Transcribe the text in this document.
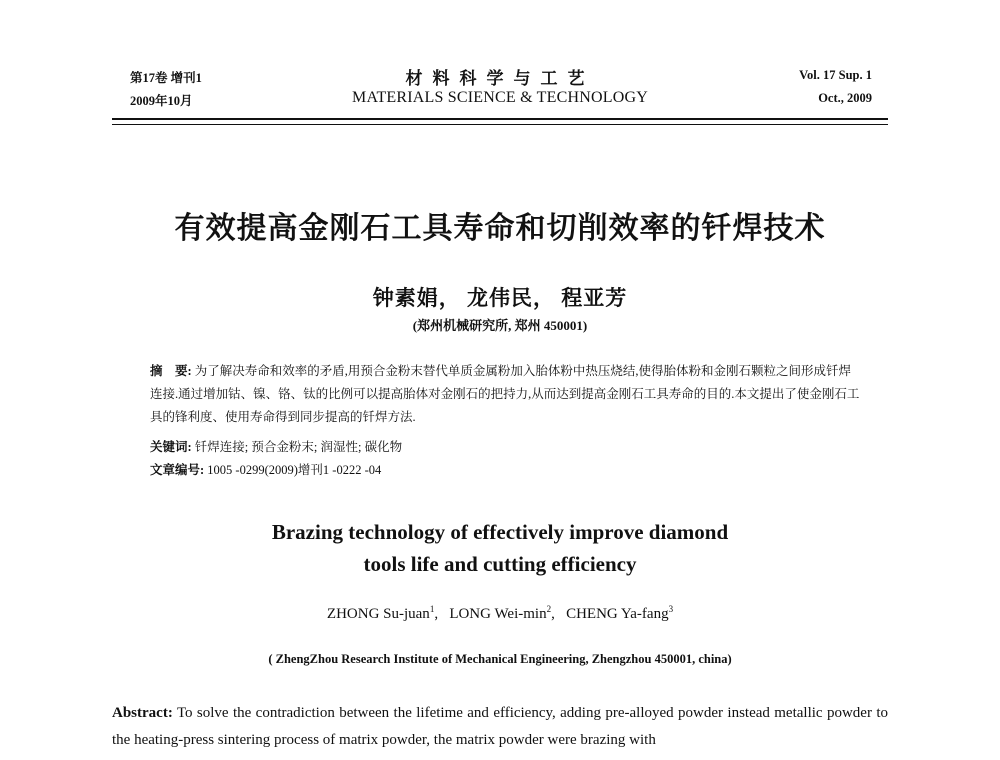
第17卷 增刊1
2009年10月
材料科学与工艺
MATERIALS SCIENCE & TECHNOLOGY
Vol. 17 Sup. 1
Oct., 2009
有效提高金刚石工具寿命和切削效率的钎焊技术
钟素娟， 龙伟民， 程亚芳
(郑州机械研究所, 郑州 450001)
摘　要: 为了解决寿命和效率的矛盾,用预合金粉末替代单质金属粉加入胎体粉中热压烧结,使得胎体粉和金刚石颗粒之间形成钎焊连接.通过增加钴、镍、铬、钛的比例可以提高胎体对金刚石的把持力,从而达到提高金刚石工具寿命的目的.本文提出了使金刚石工具的锋利度、使用寿命得到同步提高的钎焊方法.
关键词: 钎焊连接; 预合金粉末; 润湿性; 碳化物
文章编号: 1005 -0299(2009)增刊1 -0222 -04
Brazing technology of effectively improve diamond
tools life and cutting efficiency
ZHONG Su-juan$^1$,   LONG Wei-$\min^2$,   CHENG Ya-fang$^3$
( ZhengZhou Research Institute of Mechanical Engineering, Zhengzhou 450001, china)
Abstract: To solve the contradiction between the lifetime and efficiency, adding pre-alloyed powder instead metallic powder to the heating-press sintering process of matrix powder, the matrix powder were brazing with
